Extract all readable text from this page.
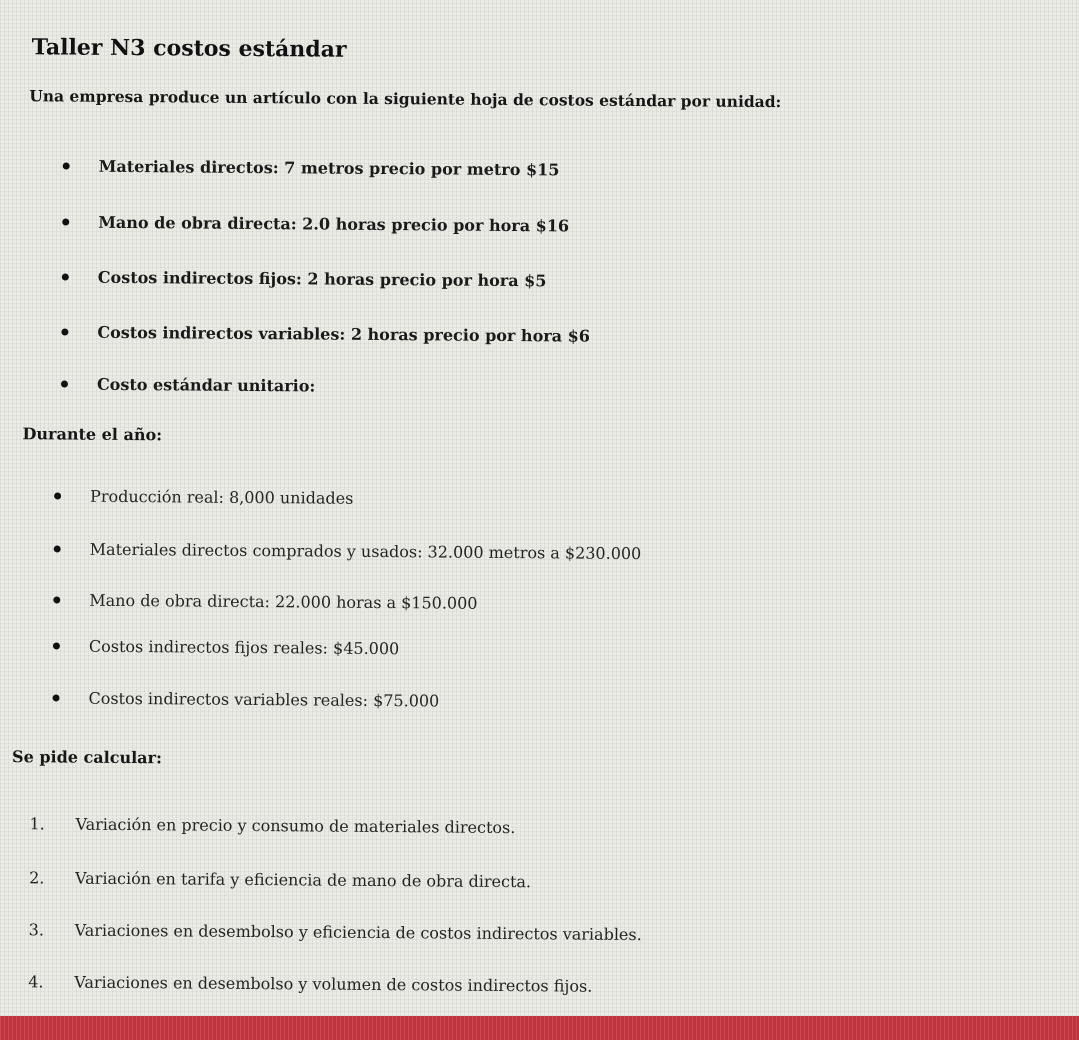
Taller N3 costos estándar

Una empresa produce un artículo con la siguiente hoja de costos estándar por unidad:

Materiales directos: 7 metros precio por metro $15
Mano de obra directa: 2.0 horas precio por hora $16
Costos indirectos fijos: 2 horas precio por hora $5
Costos indirectos variables: 2 horas precio por hora $6
Costo estándar unitario:
Durante el año:
Producción real: 8,000 unidades
Materiales directos comprados y usados: 32.000 metros a $230.000
Mano de obra directa: 22.000 horas a $150.000
Costos indirectos fijos reales: $45.000
Costos indirectos variables reales: $75.000
Se pide calcular:
1. Variación en precio y consumo de materiales directos.
2. Variación en tarifa y eficiencia de mano de obra directa.
3. Variaciones en desembolso y eficiencia de costos indirectos variables.
4. Variaciones en desembolso y volumen de costos indirectos fijos.
